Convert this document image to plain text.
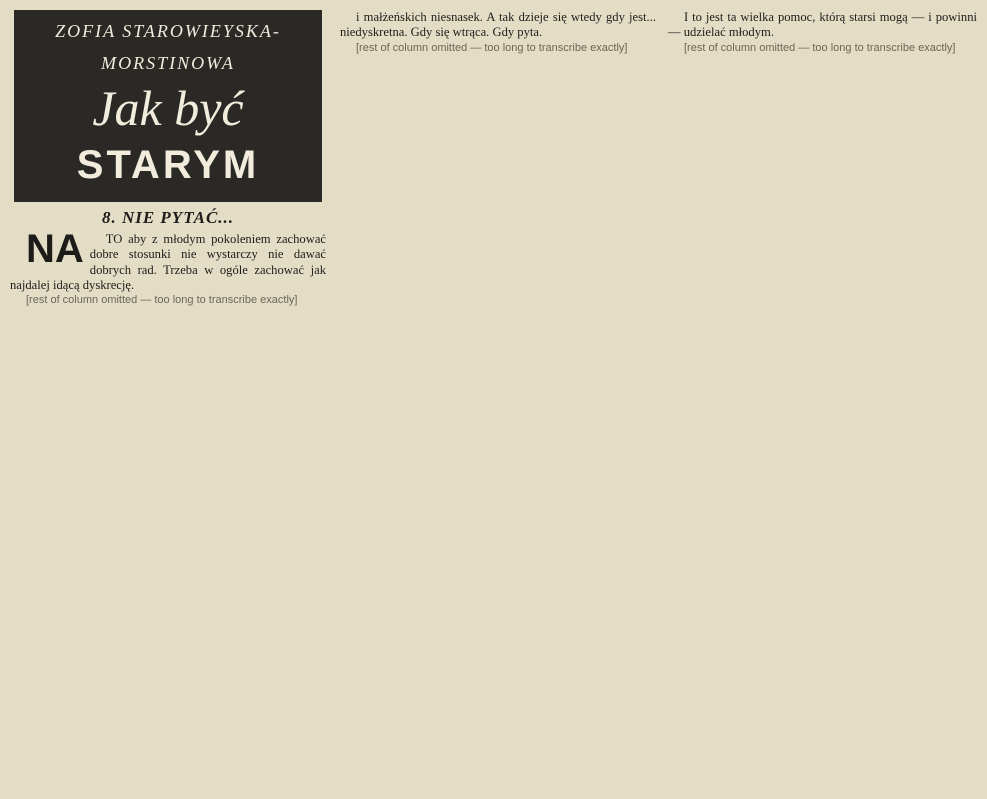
ZOFIA STAROWIEYSKA-
MORSTINOWA
Jak być
STARYM
8. NIE PYTAĆ...

NA TO aby z młodym pokoleniem zachować dobre stosunki nie wystarczy nie dawać dobrych rad. Trzeba w ogóle zachować jak najdalej idącą dyskrecję.

[rest of column omitted — too long to transcribe exactly]

i małżeńskich niesnasek. A tak dzieje się wtedy gdy jest... niedyskretna. Gdy się wtrąca. Gdy pyta.

[rest of column omitted — too long to transcribe exactly]

I to jest ta wielka pomoc, którą starsi mogą — i powinni — udzielać młodym.

[rest of column omitted — too long to transcribe exactly]
